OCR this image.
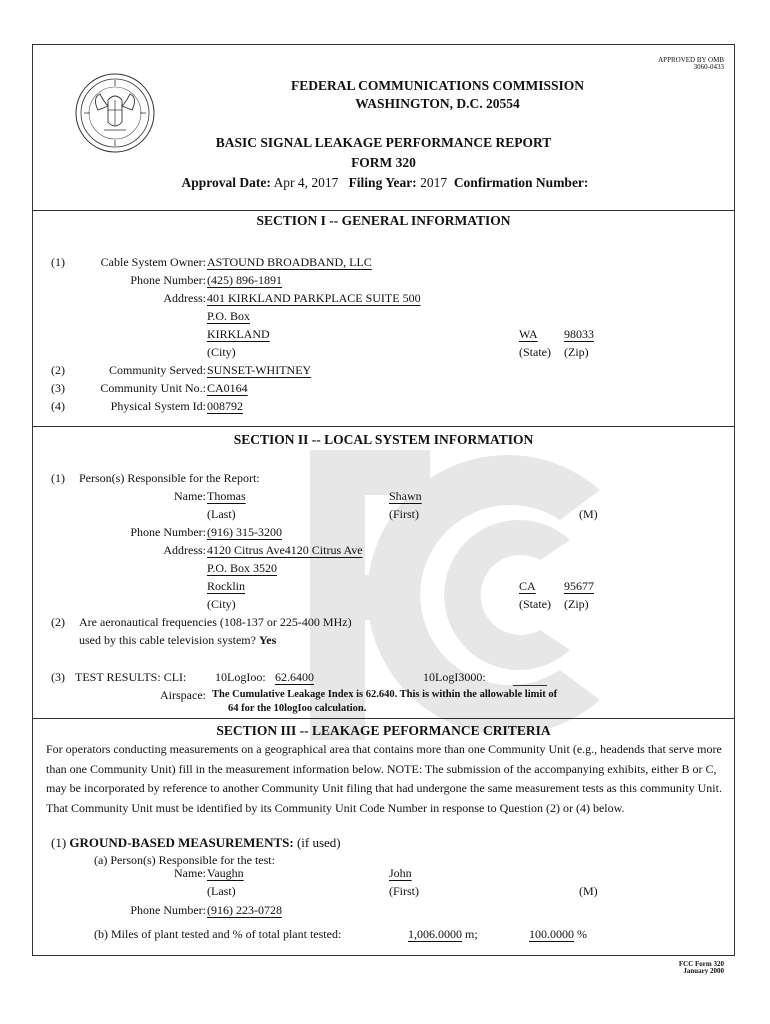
APPROVED BY OMB
3060-0433
FEDERAL COMMUNICATIONS COMMISSION
WASHINGTON, D.C. 20554
BASIC SIGNAL LEAKAGE PERFORMANCE REPORT
FORM 320
Approval Date: Apr 4, 2017 Filing Year: 2017 Confirmation Number:
SECTION I -- GENERAL INFORMATION
(1)	Cable System Owner: ASTOUND BROADBAND, LLC
Phone Number: (425) 896-1891
Address: 401 KIRKLAND PARKPLACE SUITE 500
P.O. Box
KIRKLAND	WA 98033
(City)	(State) (Zip)
(2)	Community Served: SUNSET-WHITNEY
(3)	Community Unit No.: CA0164
(4)	Physical System Id: 008792
SECTION II -- LOCAL SYSTEM INFORMATION
(1) Person(s) Responsible for the Report:
Name: Thomas	Shawn
(Last)	(First)	(M)
Phone Number: (916) 315-3200
Address: 4120 Citrus Ave4120 Citrus Ave
P.O. Box 3520
Rocklin	CA 95677
(City)	(State) (Zip)
(2) Are aeronautical frequencies (108-137 or 225-400 MHz)
used by this cable television system? Yes
(3) TEST RESULTS: CLI: 10LogIoo: 62.6400	10LogI3000:
Airspace: The Cumulative Leakage Index is 62.640. This is within the allowable limit of
64 for the 10logIoo calculation.
SECTION III -- LEAKAGE PEFORMANCE CRITERIA
For operators conducting measurements on a geographical area that contains more than one Community Unit (e.g., headends that serve more than one Community Unit) fill in the measurement information below. NOTE: The submission of the accompanying exhibits, either B or C, may be incorporated by reference to another Community Unit filing that had undergone the same measurement tests as this community Unit. That Community Unit must be identified by its Community Unit Code Number in response to Question (2) or (4) below.
(1) GROUND-BASED MEASUREMENTS: (if used)
(a) Person(s) Responsible for the test:
Name: Vaughn	John
(Last)	(First)	(M)
Phone Number: (916) 223-0728
(b) Miles of plant tested and % of total plant tested:	1,006.0000 m;	100.0000 %
FCC Form 320
January 2000
